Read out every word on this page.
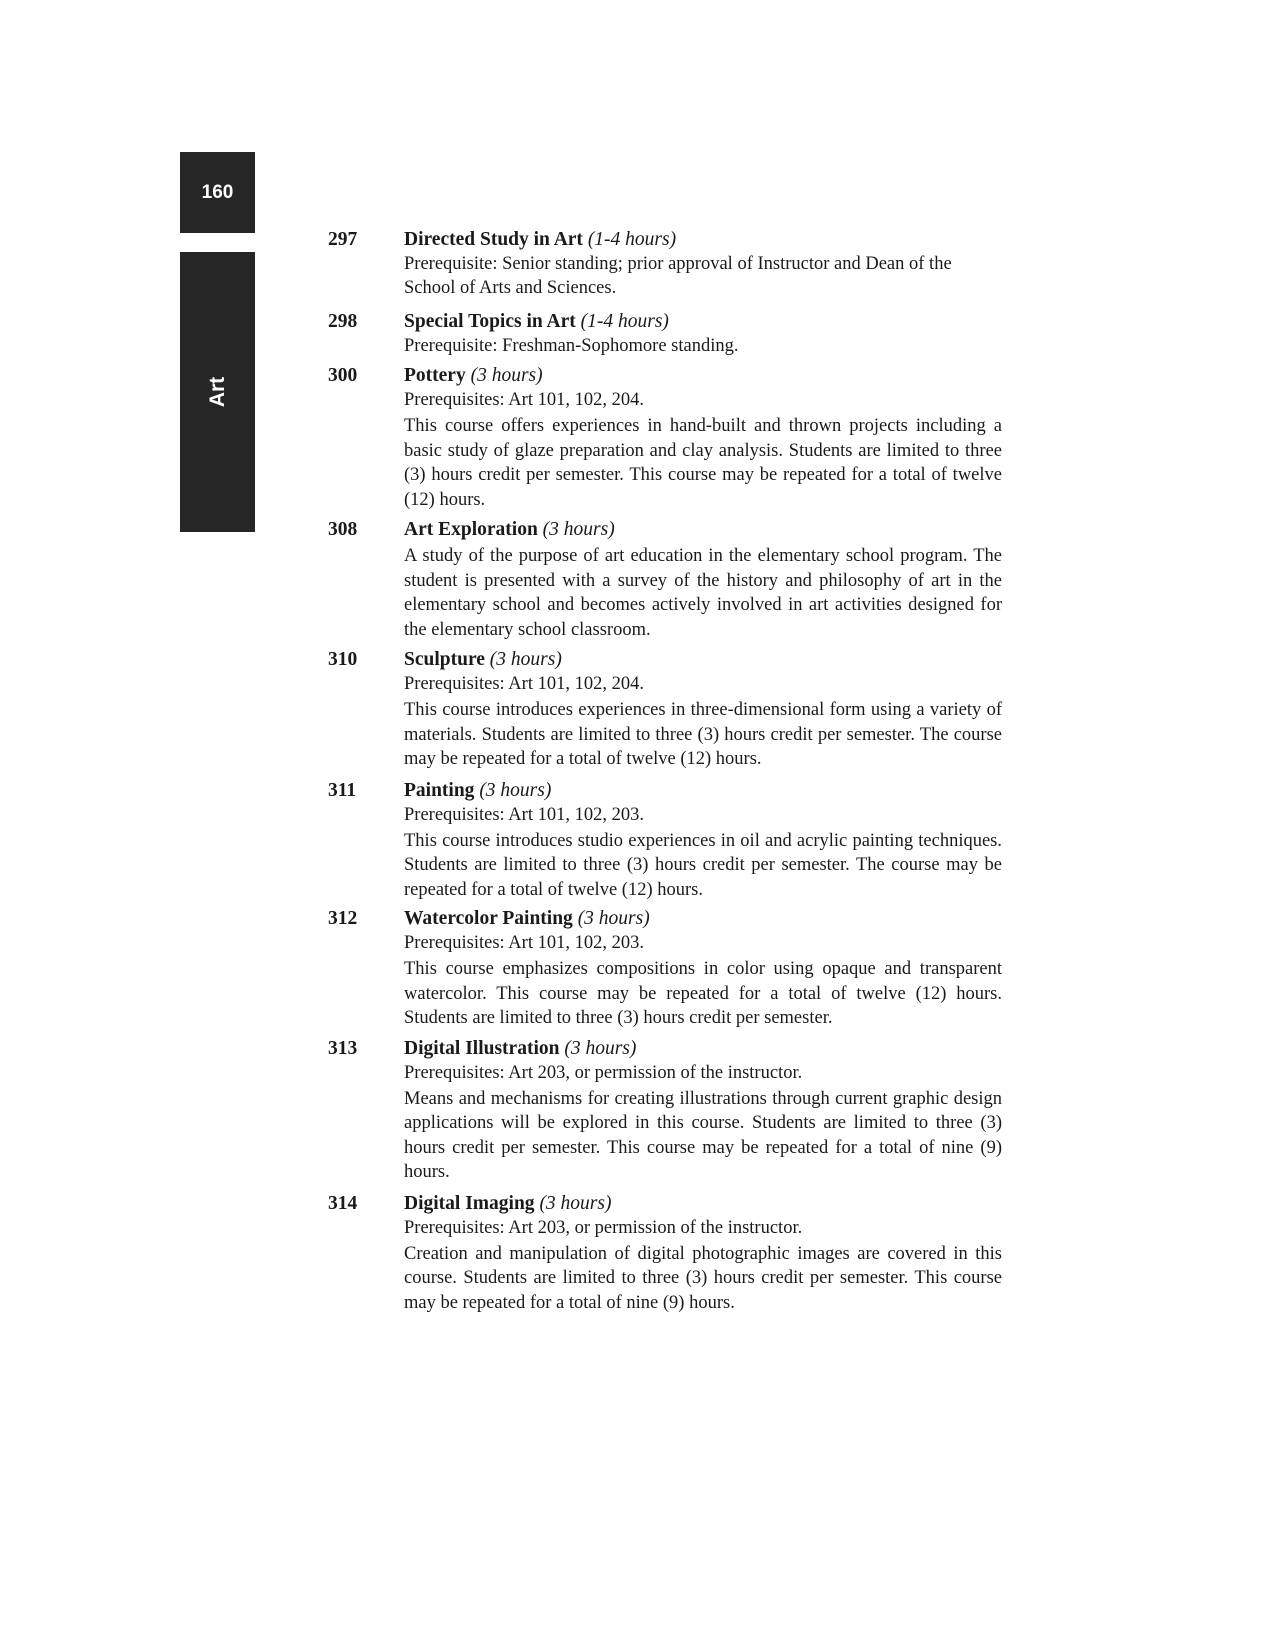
160
Art
297 Directed Study in Art (1-4 hours)
Prerequisite: Senior standing; prior approval of Instructor and Dean of the School of Arts and Sciences.
298 Special Topics in Art (1-4 hours)
Prerequisite: Freshman-Sophomore standing.
300 Pottery (3 hours)
Prerequisites: Art 101, 102, 204.
This course offers experiences in hand-built and thrown projects including a basic study of glaze preparation and clay analysis. Students are limited to three (3) hours credit per semester. This course may be repeated for a total of twelve (12) hours.
308 Art Exploration (3 hours)
A study of the purpose of art education in the elementary school program. The student is presented with a survey of the history and philosophy of art in the elementary school and becomes actively involved in art activities designed for the elementary school classroom.
310 Sculpture (3 hours)
Prerequisites: Art 101, 102, 204.
This course introduces experiences in three-dimensional form using a variety of materials. Students are limited to three (3) hours credit per semester. The course may be repeated for a total of twelve (12) hours.
311 Painting (3 hours)
Prerequisites: Art 101, 102, 203.
This course introduces studio experiences in oil and acrylic painting techniques. Students are limited to three (3) hours credit per semester. The course may be repeated for a total of twelve (12) hours.
312 Watercolor Painting (3 hours)
Prerequisites: Art 101, 102, 203.
This course emphasizes compositions in color using opaque and transparent watercolor. This course may be repeated for a total of twelve (12) hours. Students are limited to three (3) hours credit per semester.
313 Digital Illustration (3 hours)
Prerequisites: Art 203, or permission of the instructor.
Means and mechanisms for creating illustrations through current graphic design applications will be explored in this course. Students are limited to three (3) hours credit per semester. This course may be repeated for a total of nine (9) hours.
314 Digital Imaging (3 hours)
Prerequisites: Art 203, or permission of the instructor.
Creation and manipulation of digital photographic images are covered in this course. Students are limited to three (3) hours credit per semester. This course may be repeated for a total of nine (9) hours.
